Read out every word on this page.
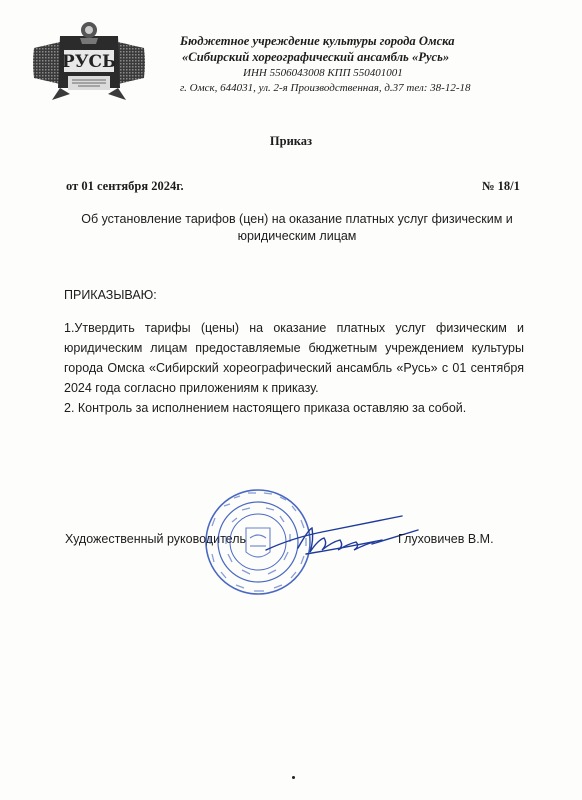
РУСЬ
Бюджетное учреждение культуры города Омска
«Сибирский хореографический ансамбль «Русь»
ИНН 5506043008 КПП 550401001
г. Омск, 644031, ул. 2-я Производственная, д.37 тел: 38-12-18
Приказ
от 01 сентября 2024г.	№ 18/1
Об установление тарифов (цен) на оказание платных услуг физическим и
юридическим лицам
ПРИКАЗЫВАЮ:

1.Утвердить тарифы (цены) на оказание платных услуг физическим и юридическим лицам предоставляемые бюджетным учреждением культуры города Омска «Сибирский хореографический ансамбль «Русь» с 01 сентября 2024 года согласно приложениям к приказу.

2. Контроль за исполнением настоящего приказа оставляю за собой.

Художественный руководитель	Глуховичев В.М.
